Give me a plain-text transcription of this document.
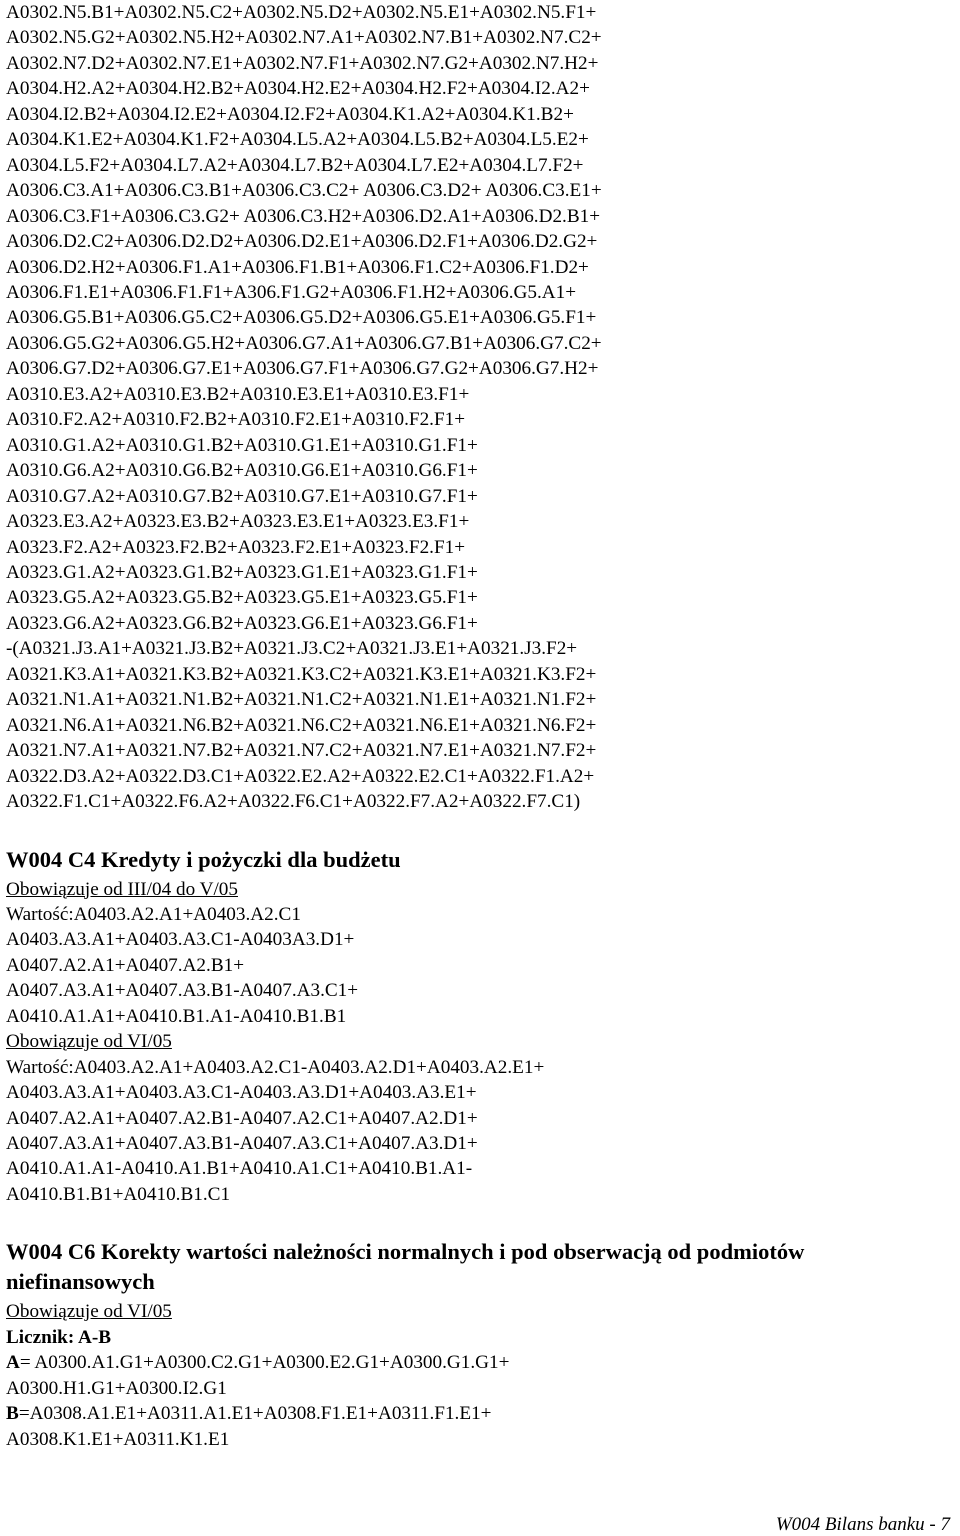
A0302.N5.B1+A0302.N5.C2+A0302.N5.D2+A0302.N5.E1+A0302.N5.F1+
A0302.N5.G2+A0302.N5.H2+A0302.N7.A1+A0302.N7.B1+A0302.N7.C2+
A0302.N7.D2+A0302.N7.E1+A0302.N7.F1+A0302.N7.G2+A0302.N7.H2+
A0304.H2.A2+A0304.H2.B2+A0304.H2.E2+A0304.H2.F2+A0304.I2.A2+
A0304.I2.B2+A0304.I2.E2+A0304.I2.F2+A0304.K1.A2+A0304.K1.B2+
A0304.K1.E2+A0304.K1.F2+A0304.L5.A2+A0304.L5.B2+A0304.L5.E2+
A0304.L5.F2+A0304.L7.A2+A0304.L7.B2+A0304.L7.E2+A0304.L7.F2+
A0306.C3.A1+A0306.C3.B1+A0306.C3.C2+ A0306.C3.D2+ A0306.C3.E1+
A0306.C3.F1+A0306.C3.G2+ A0306.C3.H2+A0306.D2.A1+A0306.D2.B1+
A0306.D2.C2+A0306.D2.D2+A0306.D2.E1+A0306.D2.F1+A0306.D2.G2+
A0306.D2.H2+A0306.F1.A1+A0306.F1.B1+A0306.F1.C2+A0306.F1.D2+
A0306.F1.E1+A0306.F1.F1+A306.F1.G2+A0306.F1.H2+A0306.G5.A1+
A0306.G5.B1+A0306.G5.C2+A0306.G5.D2+A0306.G5.E1+A0306.G5.F1+
A0306.G5.G2+A0306.G5.H2+A0306.G7.A1+A0306.G7.B1+A0306.G7.C2+
A0306.G7.D2+A0306.G7.E1+A0306.G7.F1+A0306.G7.G2+A0306.G7.H2+
A0310.E3.A2+A0310.E3.B2+A0310.E3.E1+A0310.E3.F1+
A0310.F2.A2+A0310.F2.B2+A0310.F2.E1+A0310.F2.F1+
A0310.G1.A2+A0310.G1.B2+A0310.G1.E1+A0310.G1.F1+
A0310.G6.A2+A0310.G6.B2+A0310.G6.E1+A0310.G6.F1+
A0310.G7.A2+A0310.G7.B2+A0310.G7.E1+A0310.G7.F1+
A0323.E3.A2+A0323.E3.B2+A0323.E3.E1+A0323.E3.F1+
A0323.F2.A2+A0323.F2.B2+A0323.F2.E1+A0323.F2.F1+
A0323.G1.A2+A0323.G1.B2+A0323.G1.E1+A0323.G1.F1+
A0323.G5.A2+A0323.G5.B2+A0323.G5.E1+A0323.G5.F1+
A0323.G6.A2+A0323.G6.B2+A0323.G6.E1+A0323.G6.F1+
-(A0321.J3.A1+A0321.J3.B2+A0321.J3.C2+A0321.J3.E1+A0321.J3.F2+
A0321.K3.A1+A0321.K3.B2+A0321.K3.C2+A0321.K3.E1+A0321.K3.F2+
A0321.N1.A1+A0321.N1.B2+A0321.N1.C2+A0321.N1.E1+A0321.N1.F2+
A0321.N6.A1+A0321.N6.B2+A0321.N6.C2+A0321.N6.E1+A0321.N6.F2+
A0321.N7.A1+A0321.N7.B2+A0321.N7.C2+A0321.N7.E1+A0321.N7.F2+
A0322.D3.A2+A0322.D3.C1+A0322.E2.A2+A0322.E2.C1+A0322.F1.A2+
A0322.F1.C1+A0322.F6.A2+A0322.F6.C1+A0322.F7.A2+A0322.F7.C1)
W004 C4 Kredyty i pożyczki dla budżetu
Obowiązuje od III/04 do V/05
Wartość:A0403.A2.A1+A0403.A2.C1
A0403.A3.A1+A0403.A3.C1-A0403A3.D1+
A0407.A2.A1+A0407.A2.B1+
A0407.A3.A1+A0407.A3.B1-A0407.A3.C1+
A0410.A1.A1+A0410.B1.A1-A0410.B1.B1
Obowiązuje od VI/05
Wartość:A0403.A2.A1+A0403.A2.C1-A0403.A2.D1+A0403.A2.E1+
A0403.A3.A1+A0403.A3.C1-A0403.A3.D1+A0403.A3.E1+
A0407.A2.A1+A0407.A2.B1-A0407.A2.C1+A0407.A2.D1+
A0407.A3.A1+A0407.A3.B1-A0407.A3.C1+A0407.A3.D1+
A0410.A1.A1-A0410.A1.B1+A0410.A1.C1+A0410.B1.A1-
A0410.B1.B1+A0410.B1.C1
W004 C6 Korekty wartości należności normalnych i pod obserwacją od podmiotów niefinansowych
Obowiązuje od VI/05
Licznik: A-B
A= A0300.A1.G1+A0300.C2.G1+A0300.E2.G1+A0300.G1.G1+
A0300.H1.G1+A0300.I2.G1
B=A0308.A1.E1+A0311.A1.E1+A0308.F1.E1+A0311.F1.E1+
A0308.K1.E1+A0311.K1.E1
W004 Bilans banku - 7
